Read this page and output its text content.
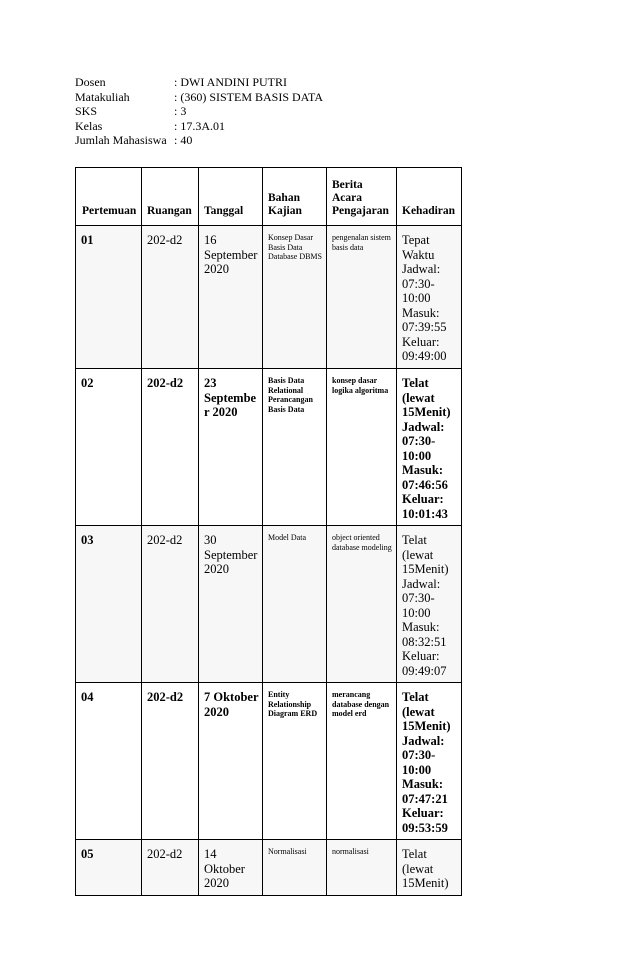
Dosen	: DWI ANDINI PUTRI
Matakuliah	: (360) SISTEM BASIS DATA
SKS	: 3
Kelas	: 17.3A.01
Jumlah Mahasiswa : 40
Pertemuan	Ruangan	Tanggal	Bahan Kajian	Berita Acara Pengajaran	Kehadiran
01	202-d2	16 September 2020	Konsep Dasar Basis Data Database DBMS	pengenalan sistem basis data	Tepat Waktu Jadwal: 07:30-10:00 Masuk: 07:39:55 Keluar: 09:49:00
02	202-d2	23 September 2020	Basis Data Relational Perancangan Basis Data	konsep dasar logika algoritma	Telat (lewat 15Menit) Jadwal: 07:30-10:00 Masuk: 07:46:56 Keluar: 10:01:43
03	202-d2	30 September 2020	Model Data	object oriented database modeling	Telat (lewat 15Menit) Jadwal: 07:30-10:00 Masuk: 08:32:51 Keluar: 09:49:07
04	202-d2	7 Oktober 2020	Entity Relationship Diagram ERD	merancang database dengan model erd	Telat (lewat 15Menit) Jadwal: 07:30-10:00 Masuk: 07:47:21 Keluar: 09:53:59
05	202-d2	14 Oktober 2020	Normalisasi	normalisasi	Telat (lewat 15Menit)
